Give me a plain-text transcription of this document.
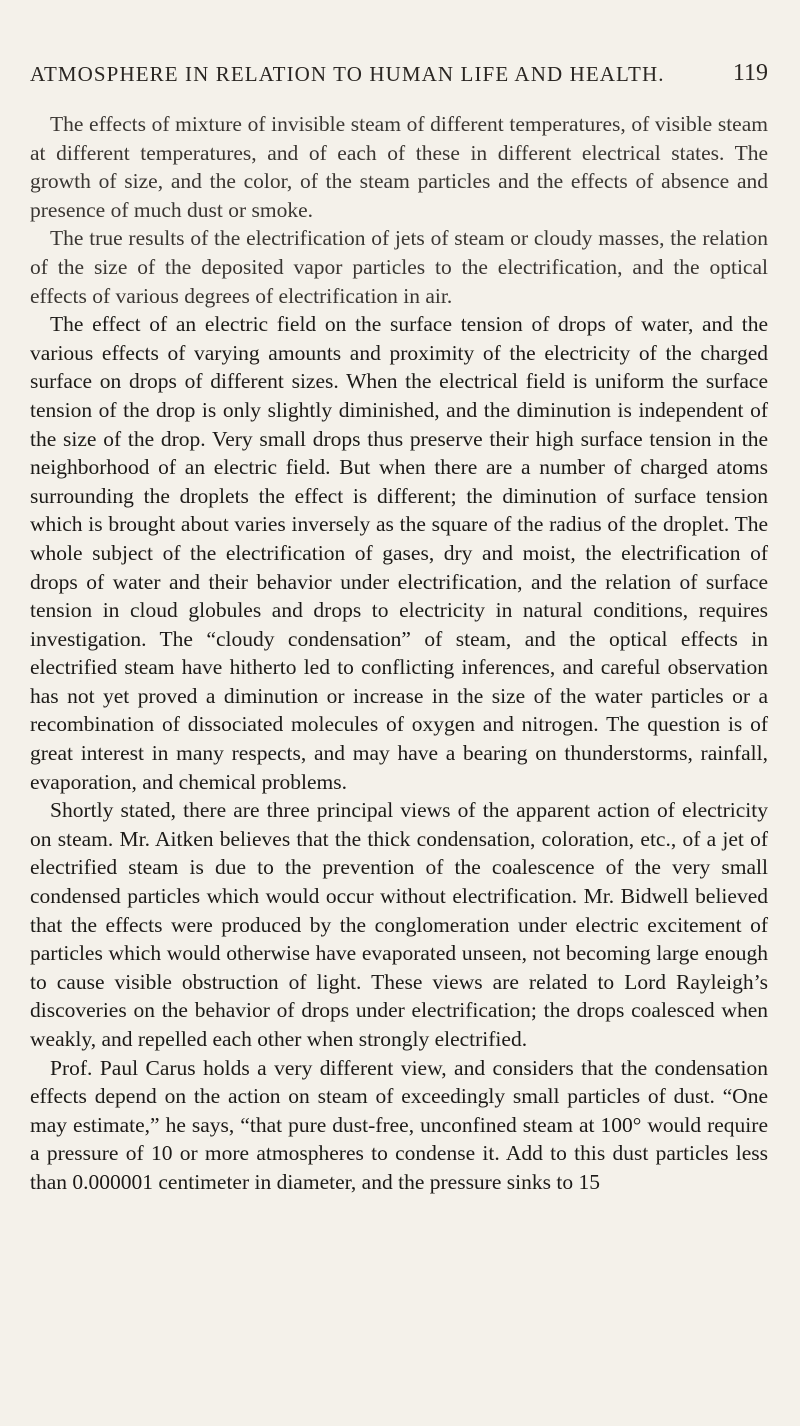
ATMOSPHERE IN RELATION TO HUMAN LIFE AND HEALTH.	119

The effects of mixture of invisible steam of different temperatures, of visible steam at different temperatures, and of each of these in different electrical states. The growth of size, and the color, of the steam particles and the effects of absence and presence of much dust or smoke.

The true results of the electrification of jets of steam or cloudy masses, the relation of the size of the deposited vapor particles to the electrification, and the optical effects of various degrees of electrification in air.

The effect of an electric field on the surface tension of drops of water, and the various effects of varying amounts and proximity of the electricity of the charged surface on drops of different sizes. When the electrical field is uniform the surface tension of the drop is only slightly diminished, and the diminution is independent of the size of the drop. Very small drops thus preserve their high surface tension in the neighborhood of an electric field. But when there are a number of charged atoms surrounding the droplets the effect is different; the diminution of surface tension which is brought about varies inversely as the square of the radius of the droplet. The whole subject of the electrification of gases, dry and moist, the electrification of drops of water and their behavior under electrification, and the relation of surface tension in cloud globules and drops to electricity in natural conditions, requires investigation. The “cloudy condensation” of steam, and the optical effects in electrified steam have hitherto led to conflicting inferences, and careful observation has not yet proved a diminution or increase in the size of the water particles or a recombination of dissociated molecules of oxygen and nitrogen. The question is of great interest in many respects, and may have a bearing on thunderstorms, rainfall, evaporation, and chemical problems.

Shortly stated, there are three principal views of the apparent action of electricity on steam. Mr. Aitken believes that the thick condensation, coloration, etc., of a jet of electrified steam is due to the prevention of the coalescence of the very small condensed particles which would occur without electrification. Mr. Bidwell believed that the effects were produced by the conglomeration under electric excitement of particles which would otherwise have evaporated unseen, not becoming large enough to cause visible obstruction of light. These views are related to Lord Rayleigh’s discoveries on the behavior of drops under electrification; the drops coalesced when weakly, and repelled each other when strongly electrified.

Prof. Paul Carus holds a very different view, and considers that the condensation effects depend on the action on steam of exceedingly small particles of dust. “One may estimate,” he says, “that pure dust-free, unconfined steam at 100° would require a pressure of 10 or more atmospheres to condense it. Add to this dust particles less than 0.000001 centimeter in diameter, and the pressure sinks to 15
